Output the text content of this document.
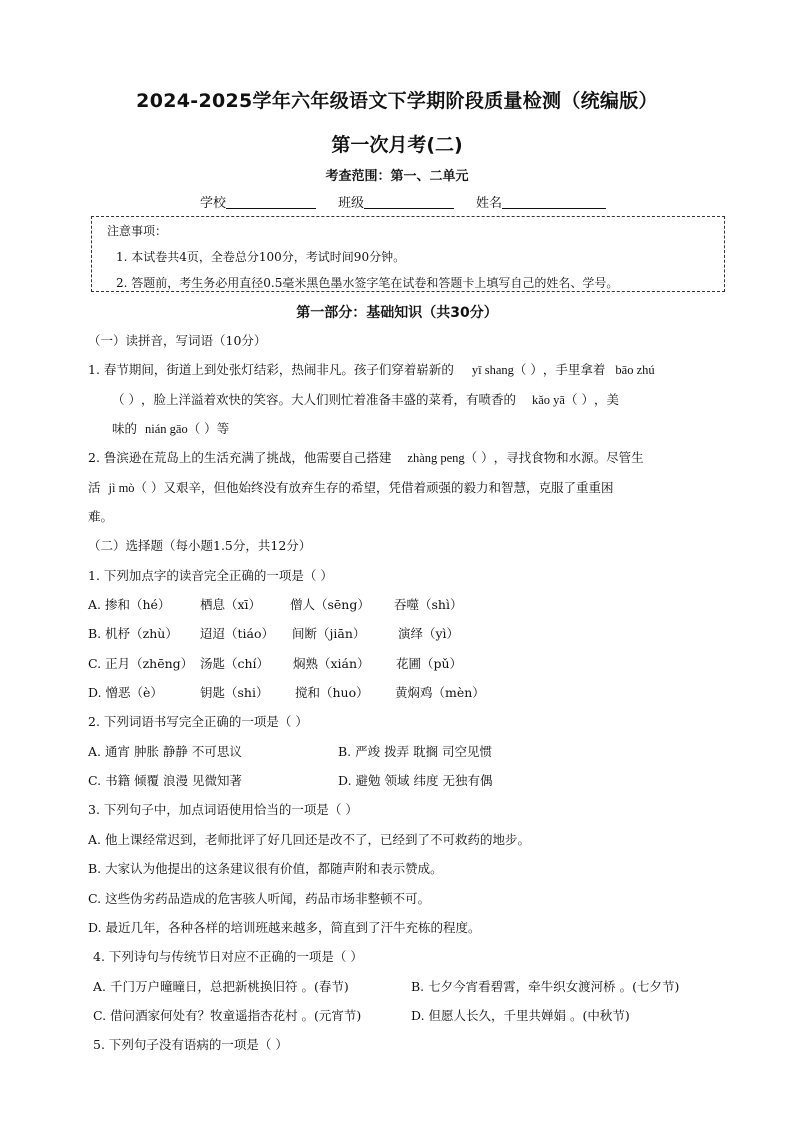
2024-2025学年六年级语文下学期阶段质量检测（统编版）
第一次月考(二)
考查范围：第一、二单元
学校	班级	姓名
注意事项：
1. 本试卷共4页，全卷总分100分，考试时间90分钟。
2. 答题前，考生务必用直径0.5毫米黑色墨水签字笔在试卷和答题卡上填写自己的姓名、学号。
第一部分：基础知识（共30分）
（一）读拼音，写词语（10分）
1. 春节期间，街道上到处张灯结彩，热闹非凡。孩子们穿着崭新的 yī shang（ ），手里拿着 bāo zhú
（ ），脸上洋溢着欢快的笑容。大人们则忙着准备丰盛的菜肴，有喷香的 kǎo yā（ ），美
味的 nián gāo（ ）等
2. 鲁滨逊在荒岛上的生活充满了挑战，他需要自己搭建 zhàng peng（ ），寻找食物和水源。尽管生
活 jì mò（ ）又艰辛，但他始终没有放弃生存的希望，凭借着顽强的毅力和智慧，克服了重重困
难。
（二）选择题（每小题1.5分，共12分）
1. 下列加点字的读音完全正确的一项是（ ）
A. 掺和（hé） 栖息（xī） 僧人（sēng） 吞噬（shì）
B. 机杼（zhù） 迢迢（tiáo） 间断（jiān）	演绎（yì）
C. 正月（zhēng） 汤匙（chí） 焖熟（xián） 花圃（pǔ）
D. 憎恶（è）	钥匙（shi） 搅和（huo） 黄焖鸡（mèn）
2. 下列词语书写完全正确的一项是（ ）
A. 通宵 肿胀 静静 不可思议	B. 严竣 拨弄 耽搁 司空见惯
C. 书籍 倾覆 浪漫 见微知著	D. 避勉 领域 纬度 无独有偶
3. 下列句子中，加点词语使用恰当的一项是（ ）
A. 他上课经常迟到，老师批评了好几回还是改不了，已经到了不可救药的地步。
B. 大家认为他提出的这条建议很有价值，都随声附和表示赞成。
C. 这些伪劣药品造成的危害骇人听闻，药品市场非整顿不可。
D. 最近几年，各种各样的培训班越来越多，简直到了汗牛充栋的程度。
4. 下列诗句与传统节日对应不正确的一项是（ ）
A. 千门万户曈曈日，总把新桃换旧符 。(春节)	B. 七夕今宵看碧霄，牵牛织女渡河桥 。(七夕节)
C. 借问酒家何处有？牧童遥指杏花村 。(元宵节)	D. 但愿人长久，千里共婵娟 。(中秋节)
5. 下列句子没有语病的一项是（ ）
